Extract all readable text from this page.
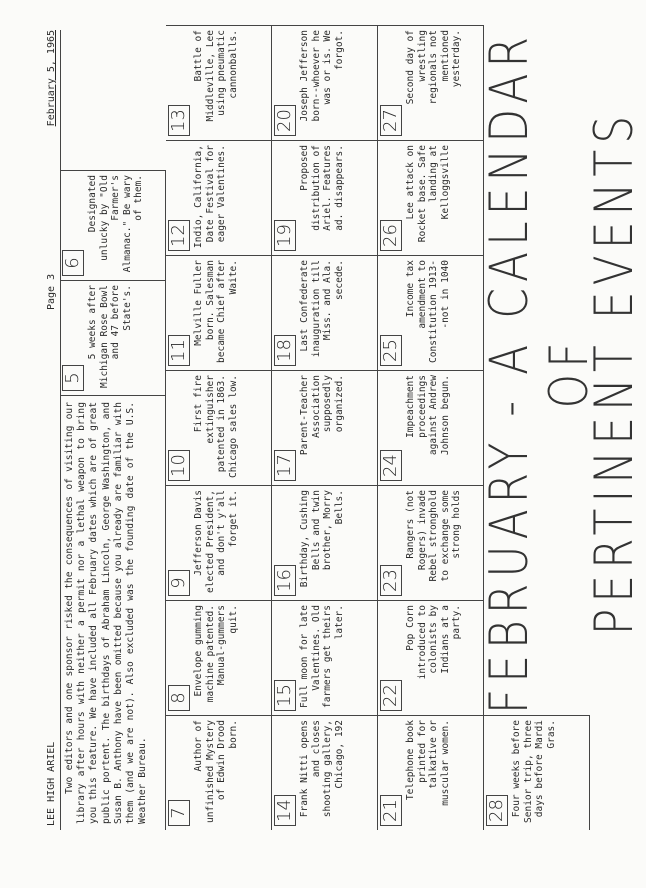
LEE HIGH ARIEL
Page 3
February 5, 1965

Two editors and one sponsor risked the consequences of visiting our library after hours with neither a permit nor a lethal weapon to bring you this feature. We have included all February dates which are of great public portent. The birthdays of Abraham Lincoln, George Washington, and Susan B. Anthony have been omitted because you already are familiar with them (and we are not). Also excluded was the founding date of the U.S. Weather Bureau.

5
5 weeks after Michigan Rose Bowl and 47 before State's.
6
Designated unlucky by "Old Farmer's Almanac." Be wary of them.
7
Author of unfinished Mystery of Edwin Drood born.
8
Envelope gumming machine patented. Manual-gummers quit.
9
Jefferson Davis elected President, and don't y'all forget it.
10
First fire extinguisher patented in 1863. Chicago sales low.
11
Melville Fuller born. Salesman became Chief after Waite.
12 Indio, California, Date Festival for eager Valentines.
13
Battle of Middleville, Lee using pneumatic cannonballs.
14 Frank Nitti opens and closes shooting gallery, Chicago, 192
15 Full moon for late Valentines. Old farmers get theirs later.
16 Birthday, Cushing Bells and twin brother, Morry Bells.
17
Parent-Teacher Association supposedly organized.
18 Last Confederate inauguration till Miss. and Ala. secede.
19
Proposed distribution of Ariel. Features ad. disappears.
20 Joseph Jefferson born--whoever he was or is. We forgot.
21
Telephone book printed for talkative or muscular women.
22
Pop Corn introduced to colonists by Indians at a party.
23
Rangers (not Rogers) invade Rebel stronghold to exchange some strong holds
24
Impeachment proceedings against Andrew Johnson begun.
25
Income tax amendment to Constitution 1913--not in 1040
26
Lee attack on Rocket base. Safe landing at Kelloggsville
27
Second day of wrestling regionals not mentioned yesterday.
28 Four weeks before Senior trip, three days before Mardi Gras.
FEBRUARY - A CALENDAR OF
PERTINENT EVENTS
